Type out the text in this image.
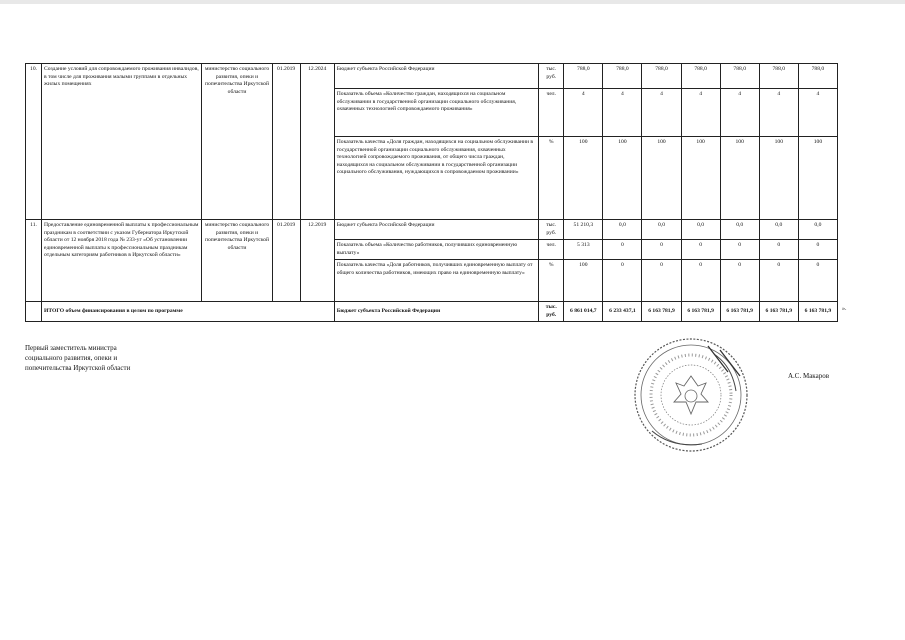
10.	Создание условий для сопровождаемого проживания инвалидов, в том числе для проживания малыми группами в отдельных жилых помещениях	министерство социального развития, опеки и попечительства Иркутской области	01.2019	12.2024	Бюджет субъекта Российской Федерации	тыс. руб.	788,0	788,0	788,0	788,0	788,0	788,0	788,0
					Показатель объема «Количество граждан, находящихся на социальном обслуживании в государственной организации социального обслуживания, охваченных технологией сопровождаемого проживания»	чел.	4	4	4	4	4	4	4
					Показатель качества «Доля граждан, находящихся на социальном обслуживании в государственной организации социального обслуживания, охваченных технологией сопровождаемого проживания, от общего числа граждан, находящихся на социальном обслуживании в государственной организации социального обслуживания, нуждающихся в сопровождаемом проживании»	%	100	100	100	100	100	100	100
11.	Предоставление единовременной выплаты к профессиональным праздникам в соответствии с указом Губернатора Иркутской области от 12 ноября 2018 года № 233-уг «Об установлении единовременной выплаты к профессиональным праздникам отдельным категориям работников в Иркутской области»	министерство социального развития, опеки и попечительства Иркутской области	01.2019	12.2019	Бюджет субъекта Российской Федерации	тыс. руб.	51 210,3	0,0	0,0	0,0	0,0	0,0	0,0
					Показатель объема «Количество работников, получивших единовременную выплату»	чел.	5 313	0	0	0	0	0	0
					Показатель качества «Доля работников, получивших единовременную выплату от общего количества работников, имеющих право на единовременную выплату»	%	100	0	0	0	0	0	0
	ИТОГО объем финансирования в целом по программе				Бюджет субъекта Российской Федерации	тыс. руб.	6 861 014,7	6 233 437,1	6 163 781,9	6 163 781,9	6 163 781,9	6 163 781,9	6 163 781,9 ».
Первый заместитель министра
социального развития, опеки и
попечительства Иркутской области
А.С. Макаров
